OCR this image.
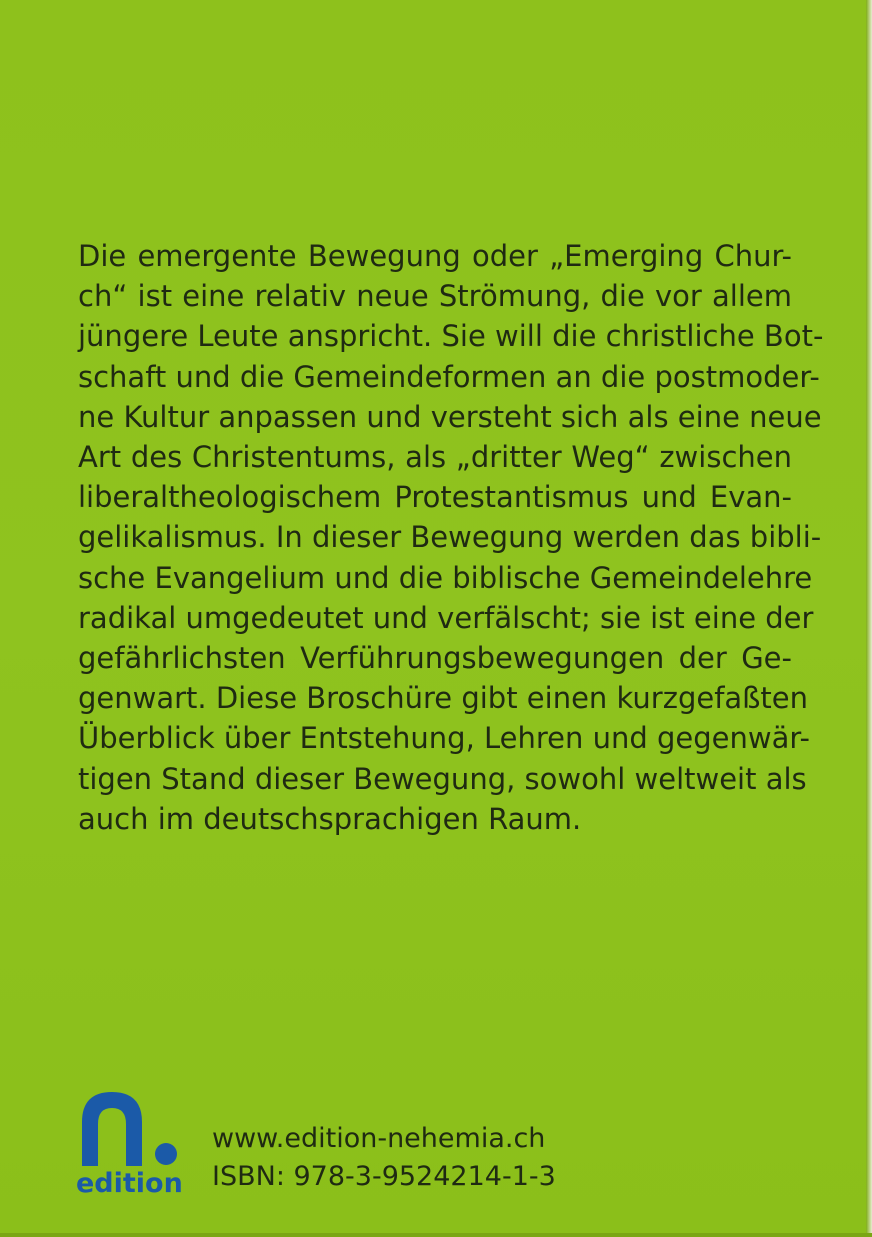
Die emergente Bewegung oder „Emerging Chur-
ch“ ist eine relativ neue Strömung, die vor allem
jüngere Leute anspricht. Sie will die christliche Bot-
schaft und die Gemeindeformen an die postmoder-
ne Kultur anpassen und versteht sich als eine neue
Art des Christentums, als „dritter Weg“ zwischen
liberaltheologischem Protestantismus und Evan-
gelikalismus. In dieser Bewegung werden das bibli-
sche Evangelium und die biblische Gemeindelehre
radikal umgedeutet und verfälscht; sie ist eine der
gefährlichsten Verführungsbewegungen der Ge-
genwart. Diese Broschüre gibt einen kurzgefaßten
Überblick über Entstehung, Lehren und gegenwär-
tigen Stand dieser Bewegung, sowohl weltweit als
auch im deutschsprachigen Raum.
edition
www.edition-nehemia.ch
ISBN: 978-3-9524214-1-3
